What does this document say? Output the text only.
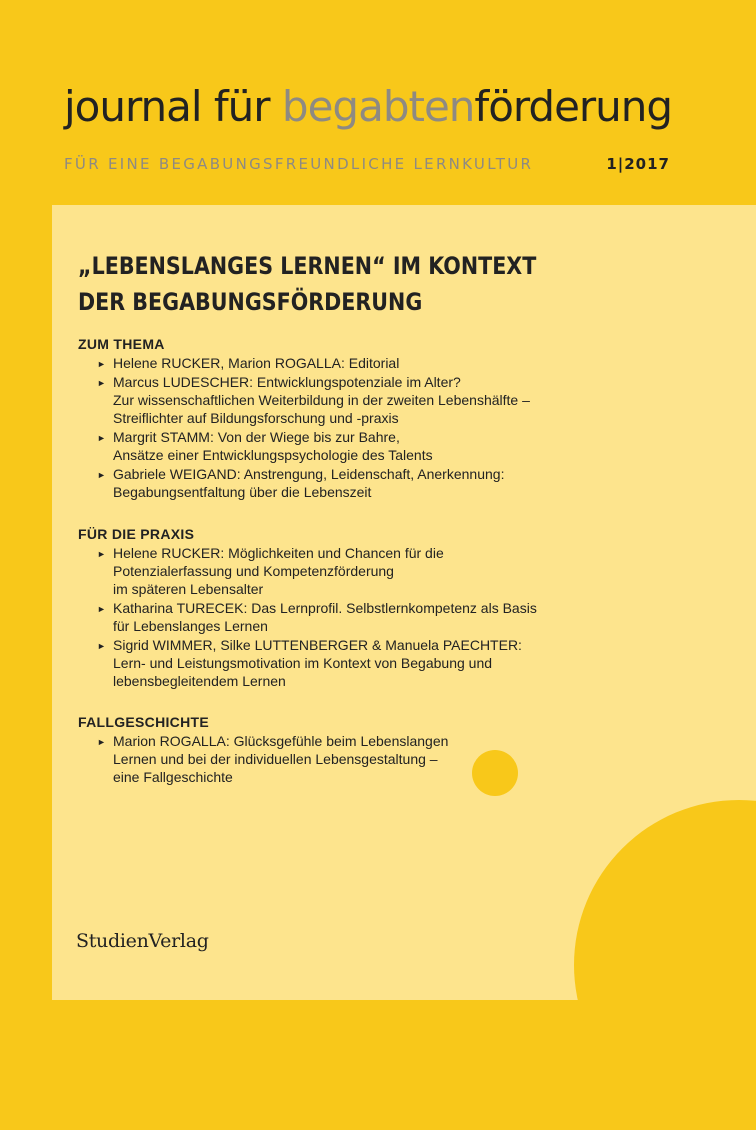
journal für begabtenförderung
FÜR EINE BEGABUNGSFREUNDLICHE LERNKULTUR	1|2017
„LEBENSLANGES LERNEN“ IM KONTEXT
DER BEGABUNGSFÖRDERUNG
ZUM THEMA
► Helene RUCKER, Marion ROGALLA: Editorial
► Marcus LUDESCHER: Entwicklungspotenziale im Alter?
Zur wissenschaftlichen Weiterbildung in der zweiten Lebenshälfte –
Streiflichter auf Bildungsforschung und -praxis
► Margrit STAMM: Von der Wiege bis zur Bahre,
Ansätze einer Entwicklungspsychologie des Talents
► Gabriele WEIGAND: Anstrengung, Leidenschaft, Anerkennung:
Begabungsentfaltung über die Lebenszeit
FÜR DIE PRAXIS
► Helene RUCKER: Möglichkeiten und Chancen für die
Potenzialerfassung und Kompetenzförderung
im späteren Lebensalter
► Katharina TURECEK: Das Lernprofil. Selbstlernkompetenz als Basis
für Lebenslanges Lernen
► Sigrid WIMMER, Silke LUTTENBERGER & Manuela PAECHTER:
Lern- und Leistungsmotivation im Kontext von Begabung und
lebensbegleitendem Lernen
FALLGESCHICHTE
► Marion ROGALLA: Glücksgefühle beim Lebenslangen
Lernen und bei der individuellen Lebensgestaltung –
eine Fallgeschichte
StudienVerlag
